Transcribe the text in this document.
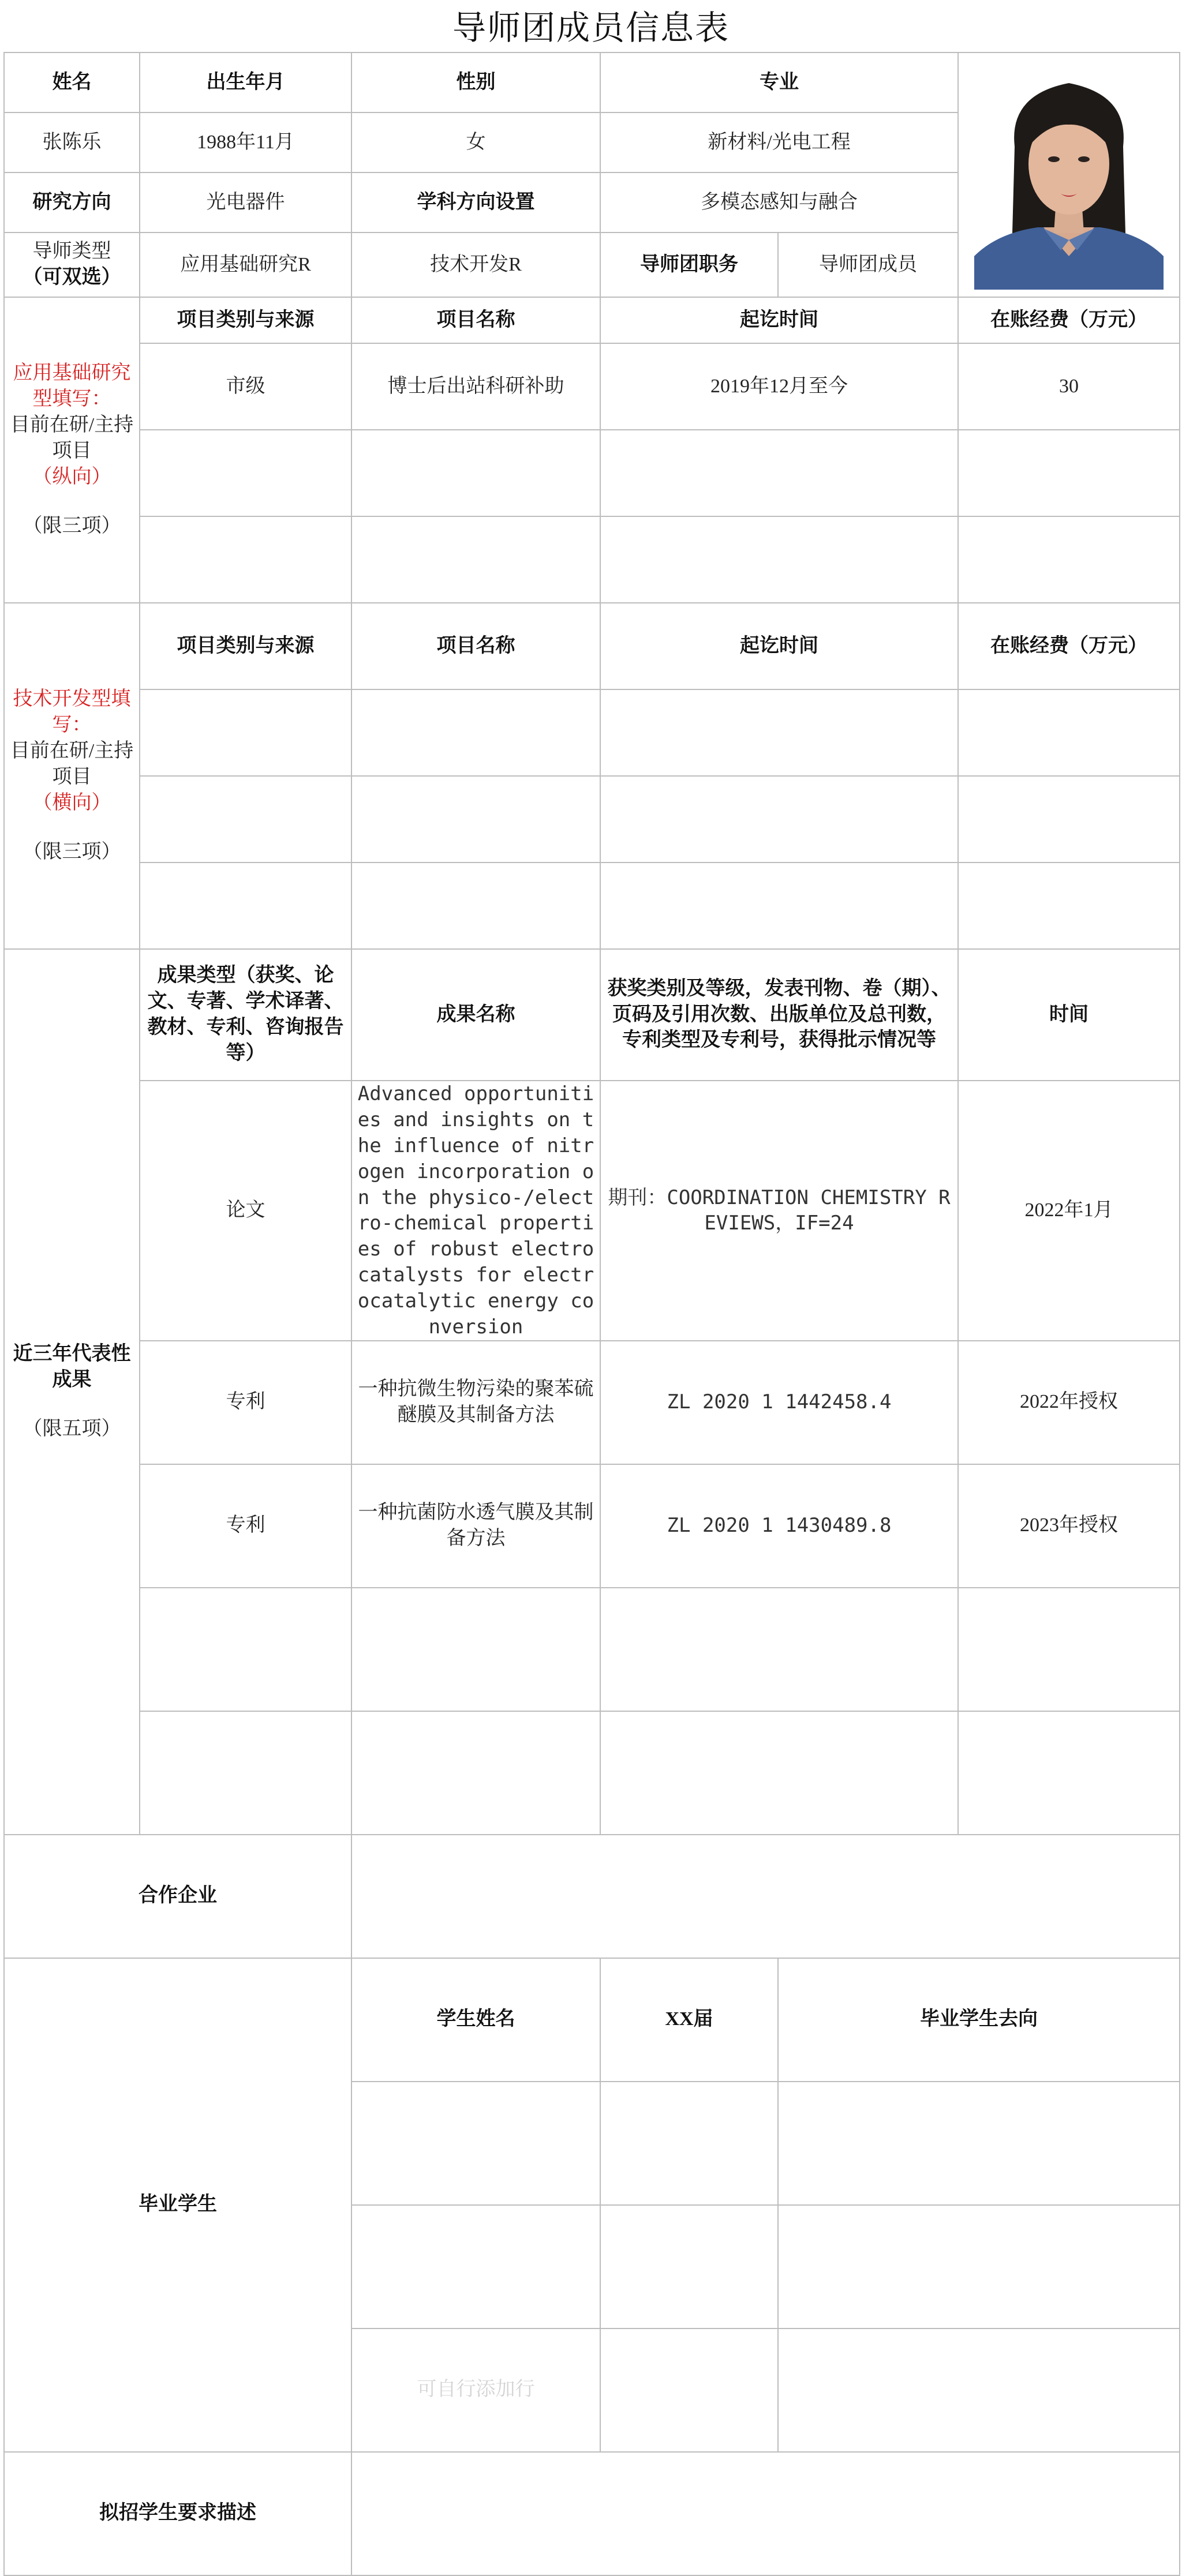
导师团成员信息表
姓名	出生年月	性别	专业	

张陈乐	1988年11月	女	新材料/光电工程		
研究方向	光电器件	学科方向设置	多模态感知与融合		

导师类型
（可双选）	应用基础研究R	技术开发R	导师团职务	导师团成员	

应用基础研究型填写：
目前在研/主持项目
（纵向）
（限三项）	项目类别与来源	项目名称	起讫时间		在账经费（万元）
	市级	博士后出站科研补助	2019年12月至今		30

技术开发型填写：
目前在研/主持项目
（横向）
（限三项）	项目类别与来源	项目名称	起讫时间		在账经费（万元）

近三年代表性成果
（限五项）	成果类型（获奖、论文、专著、学术译著、教材、专利、咨询报告等）	成果名称	获奖类别及等级，发表刊物、卷（期）、页码及引用次数、出版单位及总刊数，专利类型及专利号，获得批示情况等		时间
	论文	Advanced opportunities and insights on the influence of nitrogen incorporation on the physico-/electro-chemical properties of robust electrocatalysts for electrocatalytic energy conversion	期刊：COORDINATION CHEMISTRY REVIEWS，IF=24		2022年1月
	专利	一种抗微生物污染的聚苯硫醚膜及其制备方法	ZL 2020 1 1442458.4		2022年授权
	专利	一种抗菌防水透气膜及其制备方法	ZL 2020 1 1430489.8		2023年授权

合作企业					
毕业学生		学生姓名	XX届	毕业学生去向	

		可自行添加行			
拟招学生要求描述					
